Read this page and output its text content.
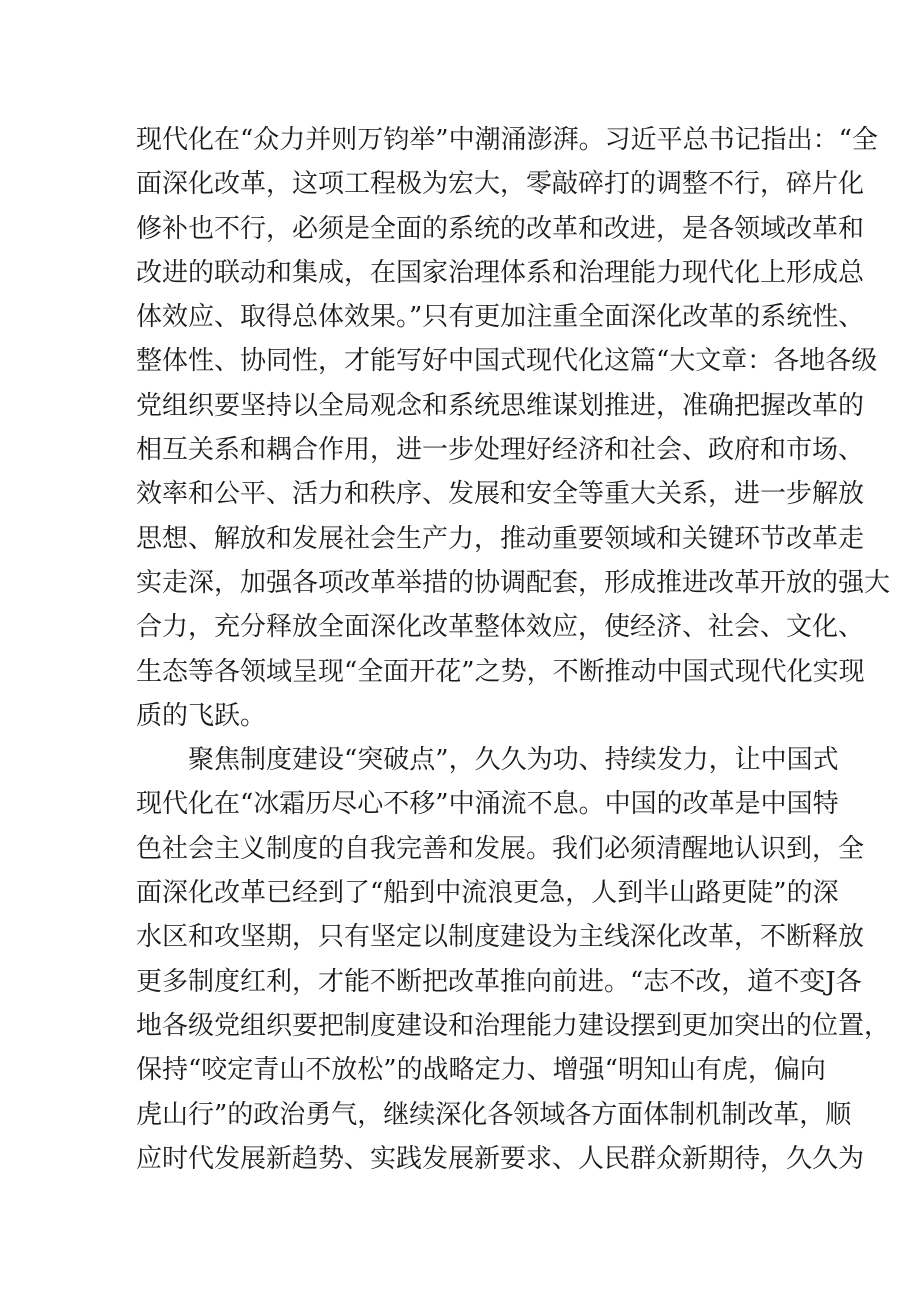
现代化在“众力并则万钧举”中潮涌澎湃。习近平总书记指出：“全
面深化改革，这项工程极为宏大，零敲碎打的调整不行，碎片化
修补也不行，必须是全面的系统的改革和改进，是各领域改革和
改进的联动和集成，在国家治理体系和治理能力现代化上形成总
体效应、取得总体效果。”只有更加注重全面深化改革的系统性、
整体性、协同性，才能写好中国式现代化这篇“大文章：各地各级
党组织要坚持以全局观念和系统思维谋划推进，准确把握改革的
相互关系和耦合作用，进一步处理好经济和社会、政府和市场、
效率和公平、活力和秩序、发展和安全等重大关系，进一步解放
思想、解放和发展社会生产力，推动重要领域和关键环节改革走
实走深，加强各项改革举措的协调配套，形成推进改革开放的强大
合力，充分释放全面深化改革整体效应，使经济、社会、文化、
生态等各领域呈现“全面开花”之势，不断推动中国式现代化实现
质的飞跃。
聚焦制度建设“突破点”，久久为功、持续发力，让中国式
现代化在“冰霜历尽心不移”中涌流不息。中国的改革是中国特
色社会主义制度的自我完善和发展。我们必须清醒地认识到，全
面深化改革已经到了“船到中流浪更急，人到半山路更陡”的深
水区和攻坚期，只有坚定以制度建设为主线深化改革，不断释放
更多制度红利，才能不断把改革推向前进。“志不改，道不变J各
地各级党组织要把制度建设和治理能力建设摆到更加突出的位置，
保持“咬定青山不放松”的战略定力、增强“明知山有虎，偏向
虎山行”的政治勇气，继续深化各领域各方面体制机制改革，顺
应时代发展新趋势、实践发展新要求、人民群众新期待，久久为
